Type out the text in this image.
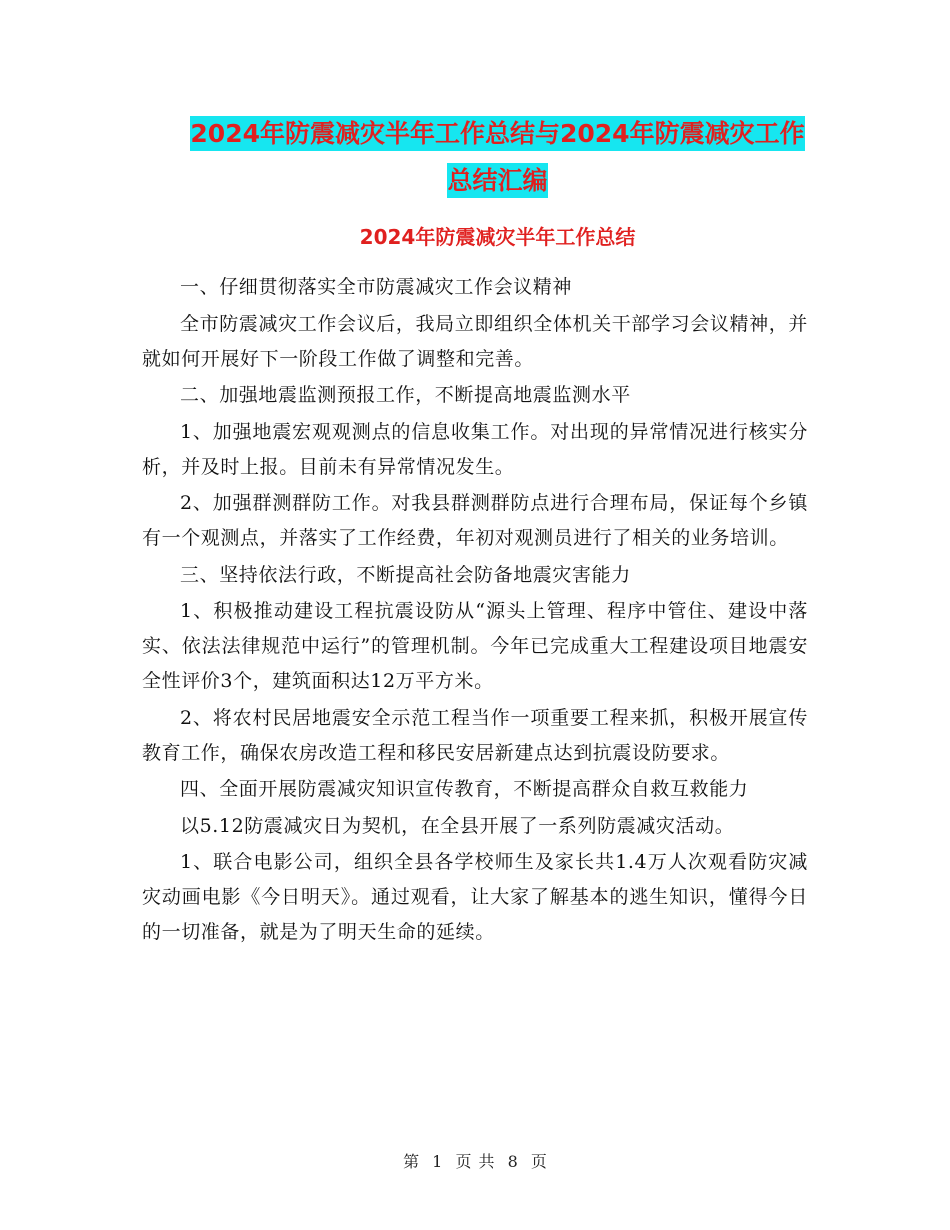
2024年防震减灾半年工作总结与2024年防震减灾工作
总结汇编
2024年防震减灾半年工作总结

一、仔细贯彻落实全市防震减灾工作会议精神

全市防震减灾工作会议后，我局立即组织全体机关干部学习会议精神，并就如何开展好下一阶段工作做了调整和完善。

二、加强地震监测预报工作，不断提高地震监测水平

1、加强地震宏观观测点的信息收集工作。对出现的异常情况进行核实分析，并及时上报。目前未有异常情况发生。

2、加强群测群防工作。对我县群测群防点进行合理布局，保证每个乡镇有一个观测点，并落实了工作经费，年初对观测员进行了相关的业务培训。

三、坚持依法行政，不断提高社会防备地震灾害能力

1、积极推动建设工程抗震设防从“源头上管理、程序中管住、建设中落实、依法法律规范中运行”的管理机制。今年已完成重大工程建设项目地震安全性评价3个，建筑面积达12万平方米。

2、将农村民居地震安全示范工程当作一项重要工程来抓，积极开展宣传教育工作，确保农房改造工程和移民安居新建点达到抗震设防要求。

四、全面开展防震减灾知识宣传教育，不断提高群众自救互救能力

以5.12防震减灾日为契机，在全县开展了一系列防震减灾活动。

1、联合电影公司，组织全县各学校师生及家长共1.4万人次观看防灾减灾动画电影《今日明天》。通过观看，让大家了解基本的逃生知识，懂得今日的一切准备，就是为了明天生命的延续。

第 1 页 共 8 页
